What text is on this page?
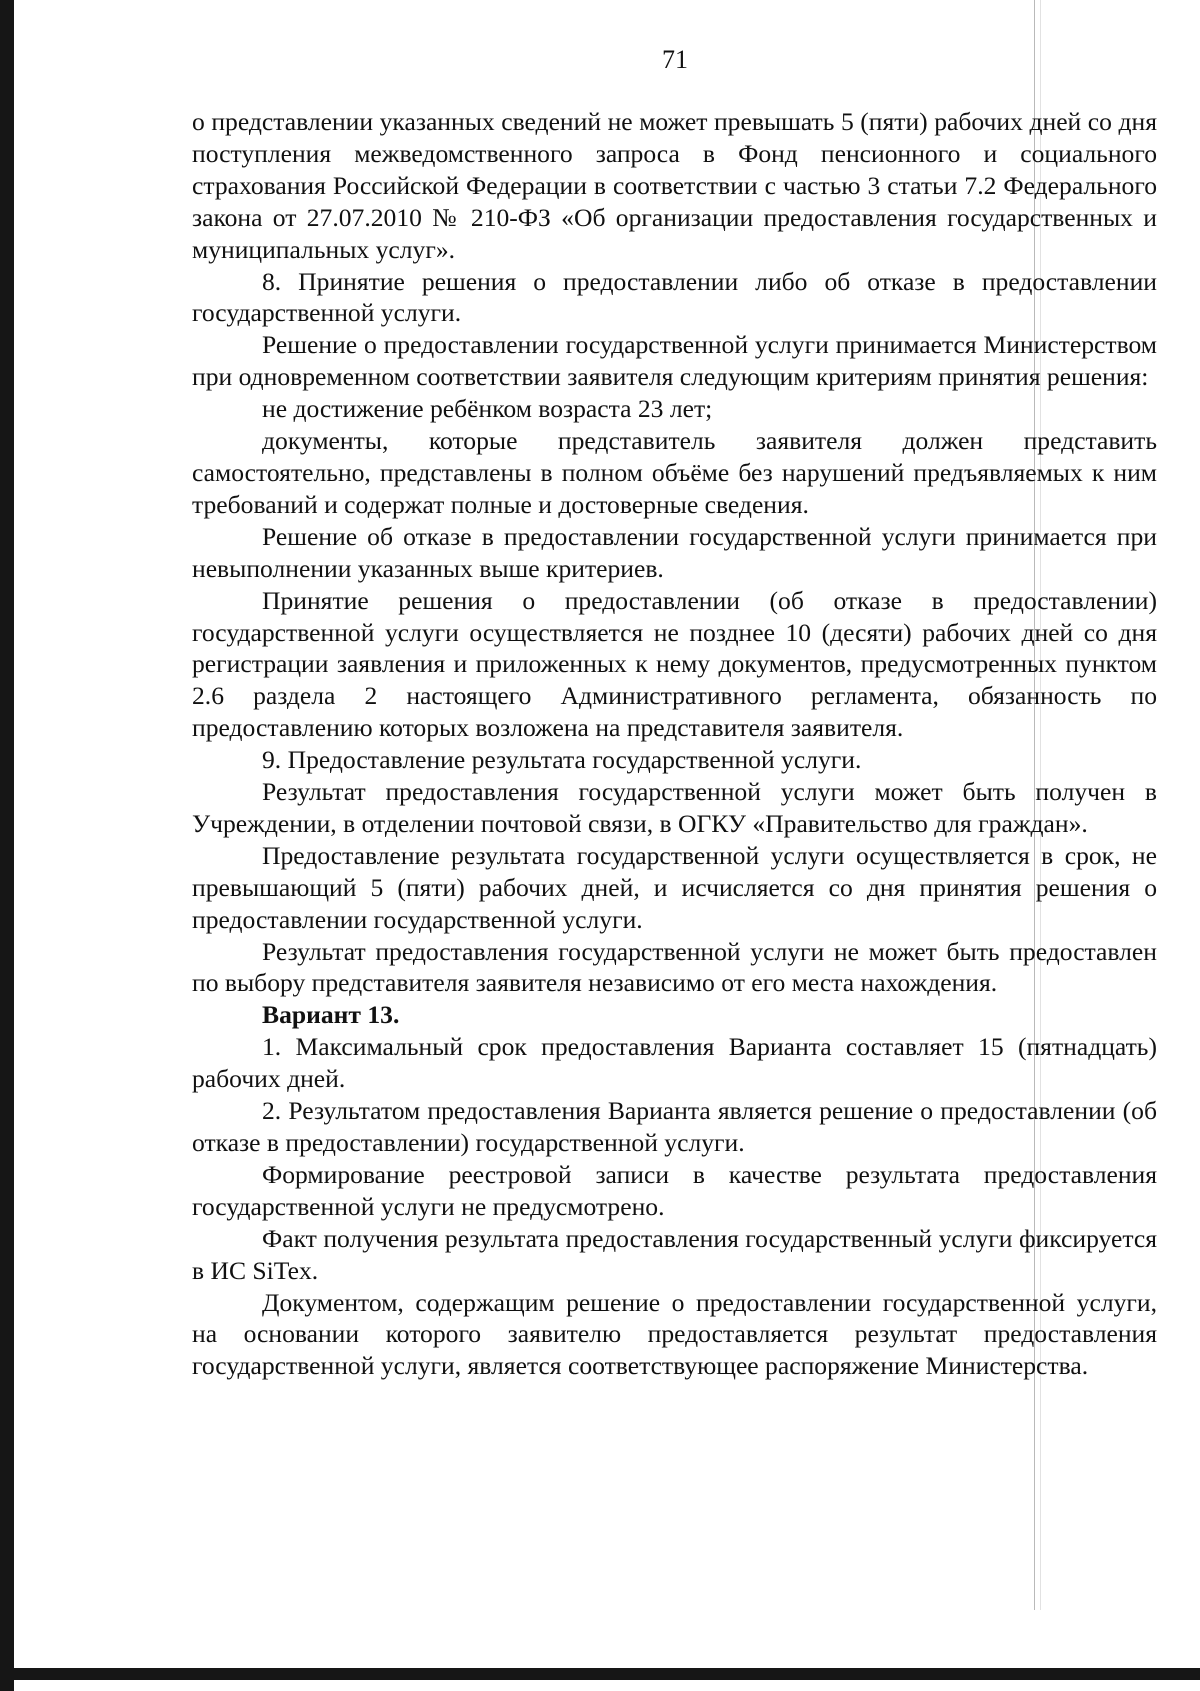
71

о представлении указанных сведений не может превышать 5 (пяти) рабочих дней со дня поступления межведомственного запроса в Фонд пенсионного и социального страхования Российской Федерации в соответствии с частью 3 статьи 7.2 Федерального закона от 27.07.2010 № 210-ФЗ «Об организации предоставления государственных и муниципальных услуг».

8. Принятие решения о предоставлении либо об отказе в предоставлении государственной услуги.

Решение о предоставлении государственной услуги принимается Министерством при одновременном соответствии заявителя следующим критериям принятия решения:

не достижение ребёнком возраста 23 лет;

документы, которые представитель заявителя должен представить самостоятельно, представлены в полном объёме без нарушений предъявляемых к ним требований и содержат полные и достоверные сведения.

Решение об отказе в предоставлении государственной услуги принимается при невыполнении указанных выше критериев.

Принятие решения о предоставлении (об отказе в предоставлении) государственной услуги осуществляется не позднее 10 (десяти) рабочих дней со дня регистрации заявления и приложенных к нему документов, предусмотренных пунктом 2.6 раздела 2 настоящего Административного регламента, обязанность по предоставлению которых возложена на представителя заявителя.

9. Предоставление результата государственной услуги.

Результат предоставления государственной услуги может быть получен в Учреждении, в отделении почтовой связи, в ОГКУ «Правительство для граждан».

Предоставление результата государственной услуги осуществляется в срок, не превышающий 5 (пяти) рабочих дней, и исчисляется со дня принятия решения о предоставлении государственной услуги.

Результат предоставления государственной услуги не может быть предоставлен по выбору представителя заявителя независимо от его места нахождения.

Вариант 13.

1. Максимальный срок предоставления Варианта составляет 15 (пятнадцать) рабочих дней.

2. Результатом предоставления Варианта является решение о предоставлении (об отказе в предоставлении) государственной услуги.

Формирование реестровой записи в качестве результата предоставления государственной услуги не предусмотрено.

Факт получения результата предоставления государственный услуги фиксируется в ИС SiTex.

Документом, содержащим решение о предоставлении государственной услуги, на основании которого заявителю предоставляется результат предоставления государственной услуги, является соответствующее распоряжение Министерства.
